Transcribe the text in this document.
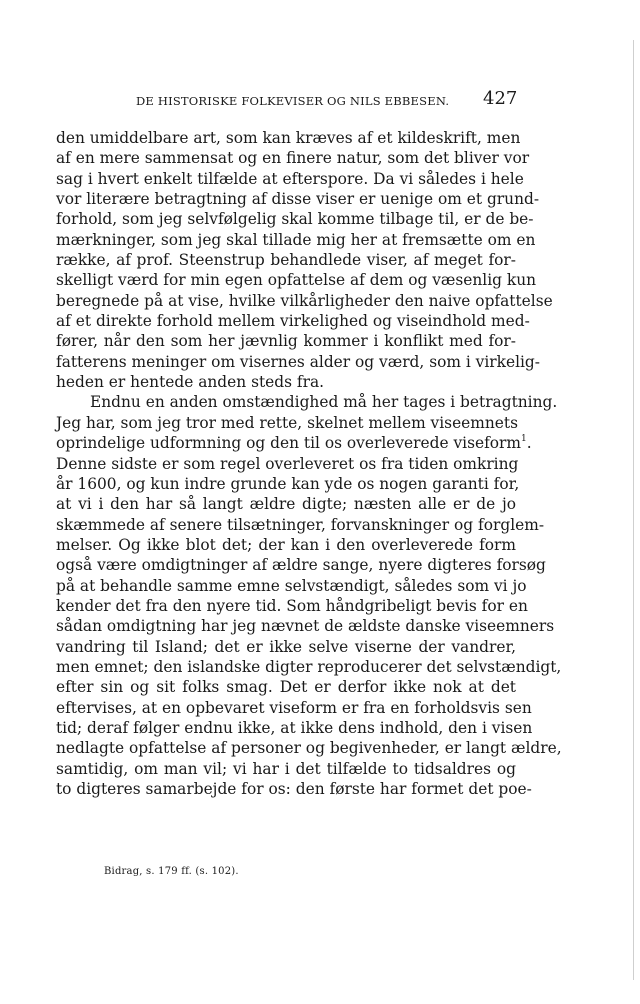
DE HISTORISKE FOLKEVISER OG NILS EBBESEN. 427
den umiddelbare art, som kan kræves af et kildeskrift, men
af en mere sammensat og en finere natur, som det bliver vor
sag i hvert enkelt tilfælde at efterspore. Da vi således i hele
vor literære betragtning af disse viser er uenige om et grund-
forhold, som jeg selvfølgelig skal komme tilbage til, er de be-
mærkninger, som jeg skal tillade mig her at fremsætte om en
række, af prof. Steenstrup behandlede viser, af meget for-
skelligt værd for min egen opfattelse af dem og væsenlig kun
beregnede på at vise, hvilke vilkårligheder den naive opfattelse
af et direkte forhold mellem virkelighed og viseindhold med-
fører, når den som her jævnlig kommer i konflikt med for-
fatterens meninger om visernes alder og værd, som i virkelig-
heden er hentede anden steds fra.
Endnu en anden omstændighed må her tages i betragtning.
Jeg har, som jeg tror med rette, skelnet mellem viseemnets
oprindelige udformning og den til os overleverede viseform$^1$.
Denne sidste er som regel overleveret os fra tiden omkring
år 1600, og kun indre grunde kan yde os nogen garanti for,
at vi i den har så langt ældre digte; næsten alle er de jo
skæmmede af senere tilsætninger, forvanskninger og forglem-
melser. Og ikke blot det; der kan i den overleverede form
også være omdigtninger af ældre sange, nyere digteres forsøg
på at behandle samme emne selvstændigt, således som vi jo
kender det fra den nyere tid. Som håndgribeligt bevis for en
sådan omdigtning har jeg nævnet de ældste danske viseemners
vandring til Island; det er ikke selve viserne der vandrer,
men emnet; den islandske digter reproducerer det selvstændigt,
efter sin og sit folks smag. Det er derfor ikke nok at det
eftervises, at en opbevaret viseform er fra en forholdsvis sen
tid; deraf følger endnu ikke, at ikke dens indhold, den i visen
nedlagte opfattelse af personer og begivenheder, er langt ældre,
samtidig, om man vil; vi har i det tilfælde to tidsaldres og
to digteres samarbejde for os: den første har formet det poe-
Bidrag, s. 179 ff. (s. 102).
